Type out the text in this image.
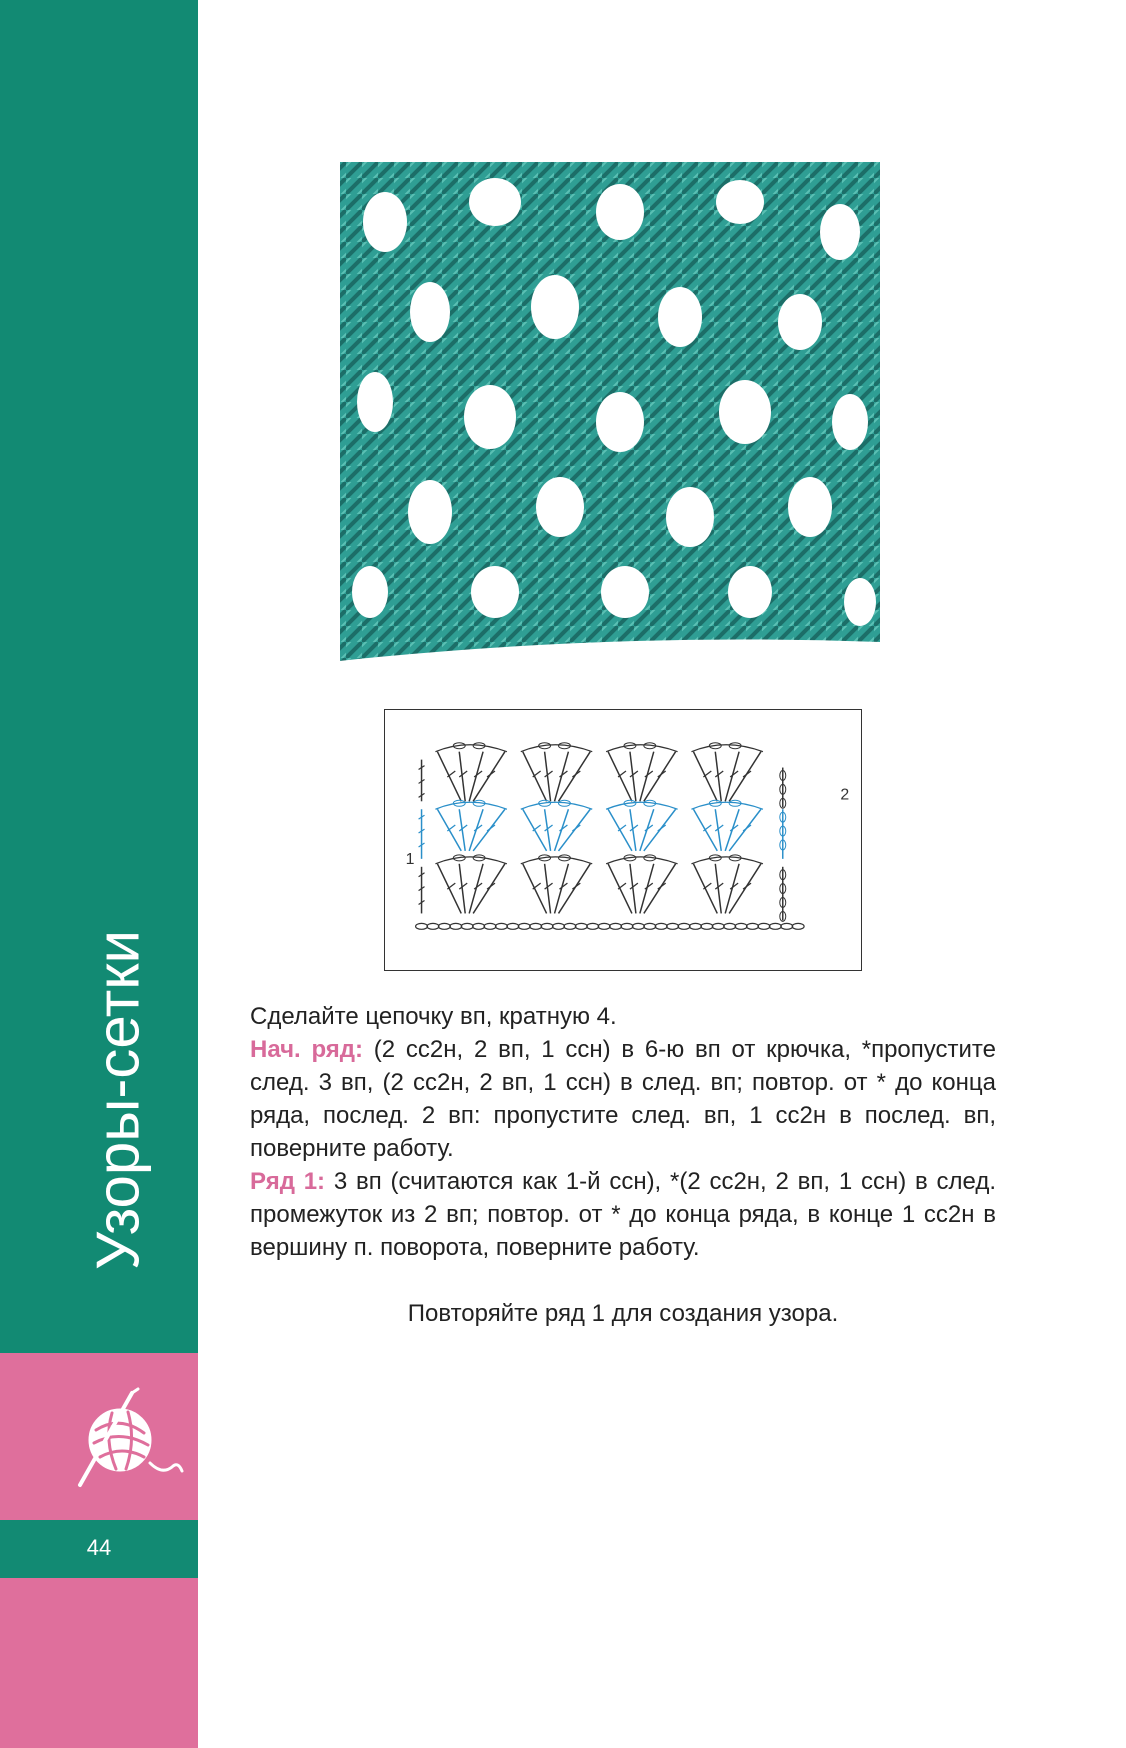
Узоры-сетки
44
1
2

Сделайте цепочку вп, кратную 4.

Нач. ряд: (2 сс2н, 2 вп, 1 ссн) в 6-ю вп от крючка, *пропустите след. 3 вп, (2 сс2н, 2 вп, 1 ссн) в след. вп; повтор. от * до конца ряда, послед. 2 вп: пропустите след. вп, 1 сс2н в послед. вп, поверните работу.

Ряд 1: 3 вп (считаются как 1-й ссн), *(2 сс2н, 2 вп, 1 ссн) в след. промежуток из 2 вп; повтор. от * до конца ряда, в конце 1 сс2н в вершину п. поворота, поверните работу.

Повторяйте ряд 1 для создания узора.
